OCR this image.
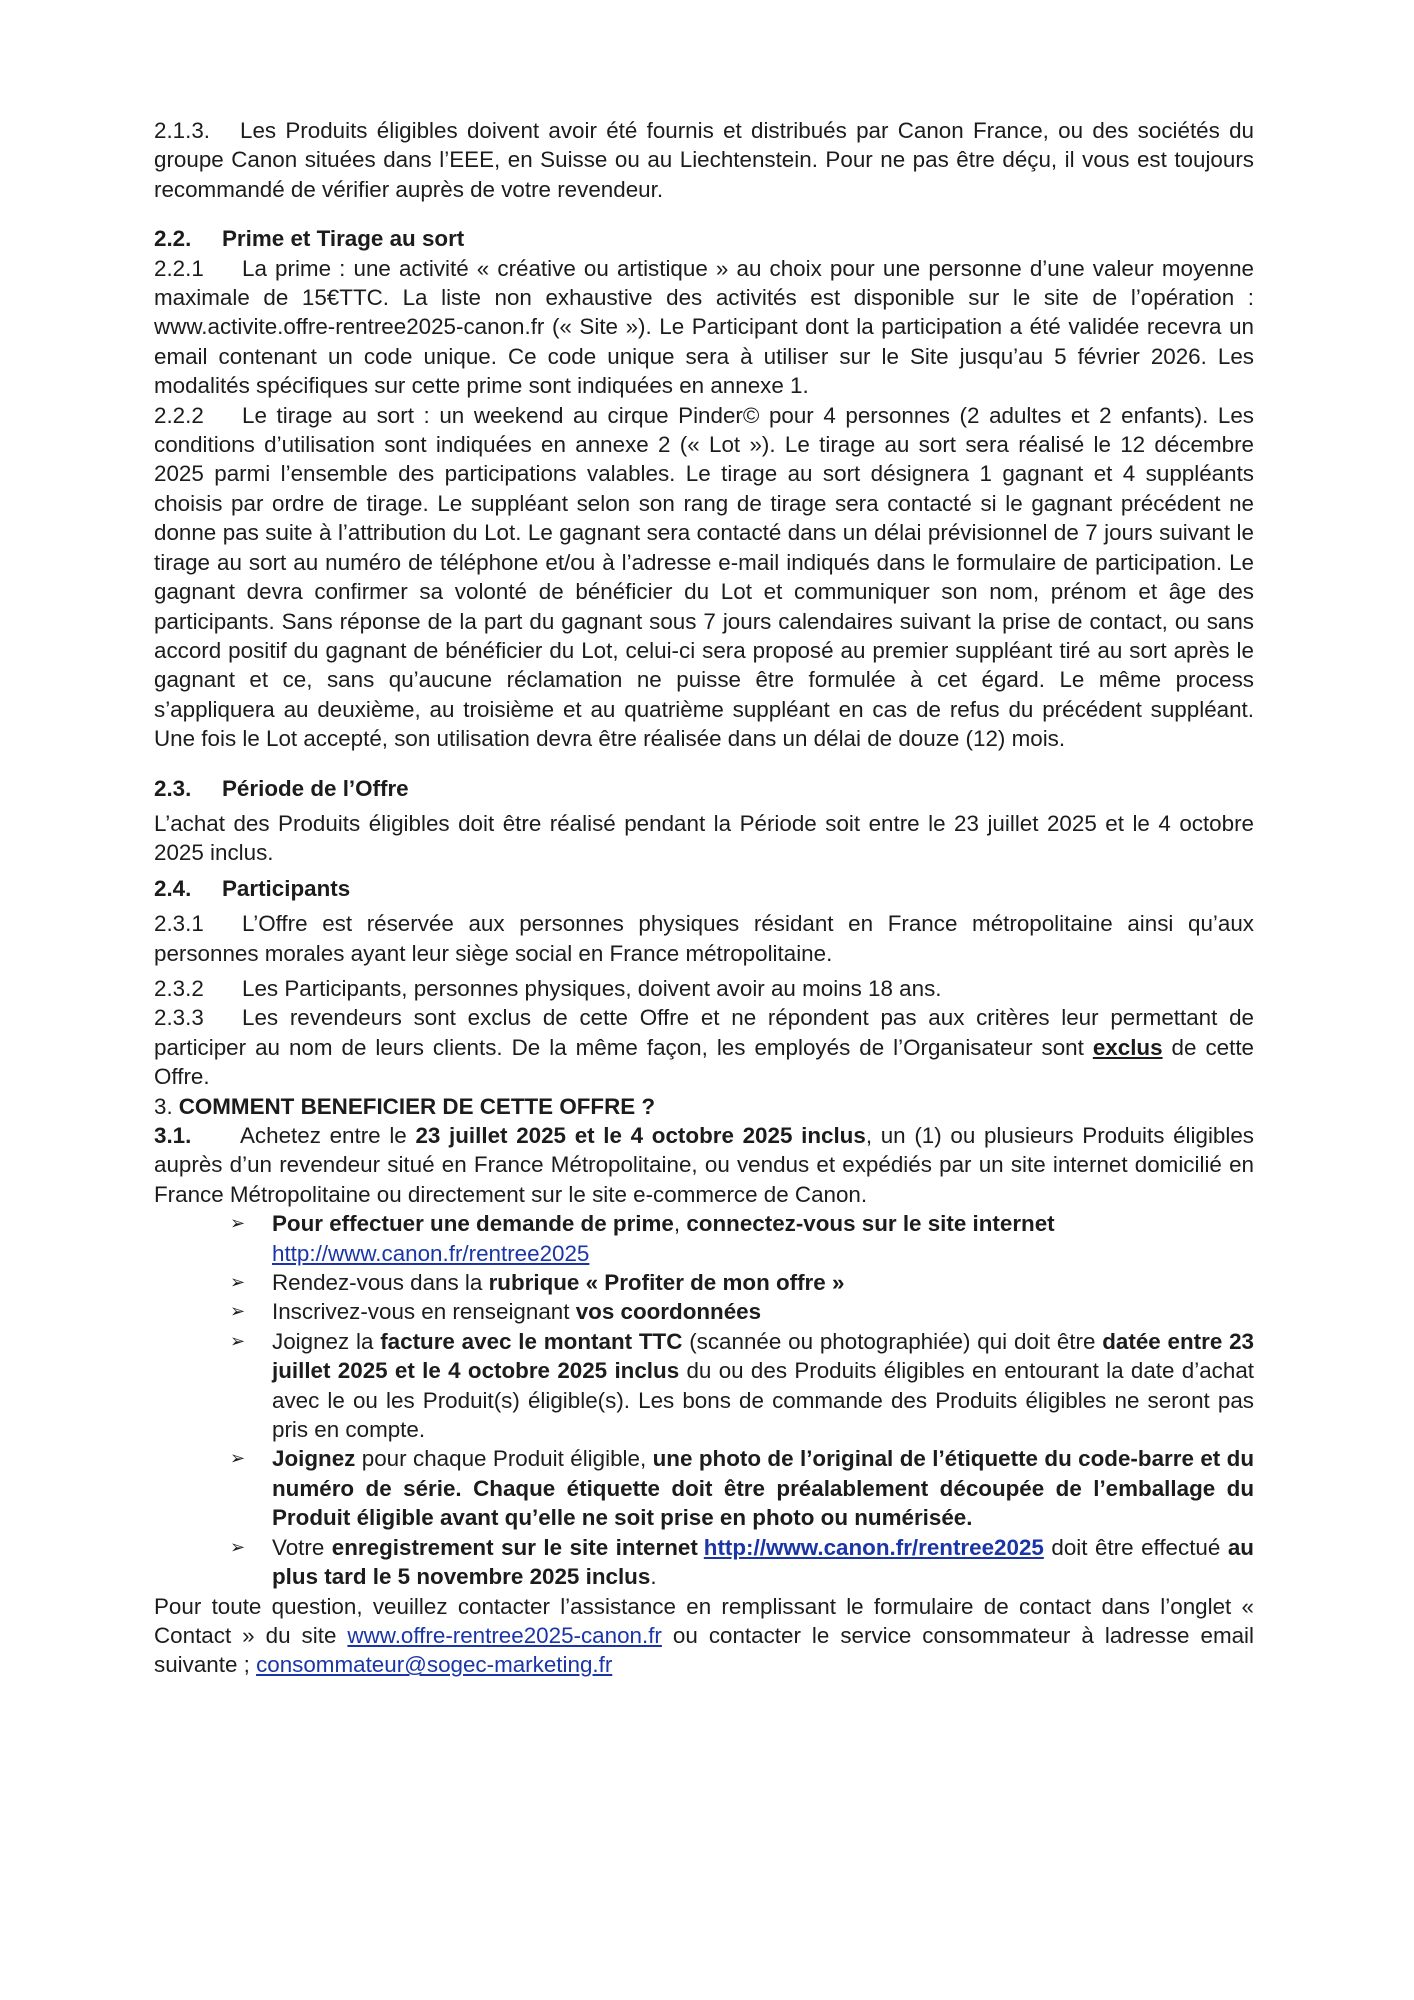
2.1.3. Les Produits éligibles doivent avoir été fournis et distribués par Canon France, ou des sociétés du groupe Canon situées dans l’EEE, en Suisse ou au Liechtenstein. Pour ne pas être déçu, il vous est toujours recommandé de vérifier auprès de votre revendeur.

2.2. Prime et Tirage au sort

2.2.1 La prime : une activité « créative ou artistique » au choix pour une personne d’une valeur moyenne maximale de 15€TTC. La liste non exhaustive des activités est disponible sur le site de l’opération : www.activite.offre-rentree2025-canon.fr (« Site »). Le Participant dont la participation a été validée recevra un email contenant un code unique. Ce code unique sera à utiliser sur le Site jusqu’au 5 février 2026. Les modalités spécifiques sur cette prime sont indiquées en annexe 1.

2.2.2 Le tirage au sort : un weekend au cirque Pinder© pour 4 personnes (2 adultes et 2 enfants). Les conditions d’utilisation sont indiquées en annexe 2 (« Lot »). Le tirage au sort sera réalisé le 12 décembre 2025 parmi l’ensemble des participations valables. Le tirage au sort désignera 1 gagnant et 4 suppléants choisis par ordre de tirage. Le suppléant selon son rang de tirage sera contacté si le gagnant précédent ne donne pas suite à l’attribution du Lot. Le gagnant sera contacté dans un délai prévisionnel de 7 jours suivant le tirage au sort au numéro de téléphone et/ou à l’adresse e-mail indiqués dans le formulaire de participation. Le gagnant devra confirmer sa volonté de bénéficier du Lot et communiquer son nom, prénom et âge des participants. Sans réponse de la part du gagnant sous 7 jours calendaires suivant la prise de contact, ou sans accord positif du gagnant de bénéficier du Lot, celui-ci sera proposé au premier suppléant tiré au sort après le gagnant et ce, sans qu’aucune réclamation ne puisse être formulée à cet égard. Le même process s’appliquera au deuxième, au troisième et au quatrième suppléant en cas de refus du précédent suppléant. Une fois le Lot accepté, son utilisation devra être réalisée dans un délai de douze (12) mois.

2.3. Période de l’Offre

L’achat des Produits éligibles doit être réalisé pendant la Période soit entre le 23 juillet 2025 et le 4 octobre 2025 inclus.

2.4. Participants

2.3.1 L’Offre est réservée aux personnes physiques résidant en France métropolitaine ainsi qu’aux personnes morales ayant leur siège social en France métropolitaine.

2.3.2 Les Participants, personnes physiques, doivent avoir au moins 18 ans.

2.3.3 Les revendeurs sont exclus de cette Offre et ne répondent pas aux critères leur permettant de participer au nom de leurs clients. De la même façon, les employés de l’Organisateur sont exclus de cette Offre.

3. COMMENT BENEFICIER DE CETTE OFFRE ?

3.1. Achetez entre le 23 juillet 2025 et le 4 octobre 2025 inclus, un (1) ou plusieurs Produits éligibles auprès d’un revendeur situé en France Métropolitaine, ou vendus et expédiés par un site internet domicilié en France Métropolitaine ou directement sur le site e-commerce de Canon.

➢ Pour effectuer une demande de prime, connectez-vous sur le site internet
http://www.canon.fr/rentree2025
➢ Rendez-vous dans la rubrique « Profiter de mon offre »
➢ Inscrivez-vous en renseignant vos coordonnées
➢ Joignez la facture avec le montant TTC (scannée ou photographiée) qui doit être datée entre 23 juillet 2025 et le 4 octobre 2025 inclus du ou des Produits éligibles en entourant la date d’achat avec le ou les Produit(s) éligible(s). Les bons de commande des Produits éligibles ne seront pas pris en compte.
➢ Joignez pour chaque Produit éligible, une photo de l’original de l’étiquette du code-barre et du numéro de série. Chaque étiquette doit être préalablement découpée de l’emballage du Produit éligible avant qu’elle ne soit prise en photo ou numérisée.
➢ Votre enregistrement sur le site internet http://www.canon.fr/rentree2025 doit être effectué au plus tard le 5 novembre 2025 inclus.

Pour toute question, veuillez contacter l’assistance en remplissant le formulaire de contact dans l’onglet « Contact » du site www.offre-rentree2025-canon.fr ou contacter le service consommateur à ladresse email suivante ; consommateur@sogec-marketing.fr
